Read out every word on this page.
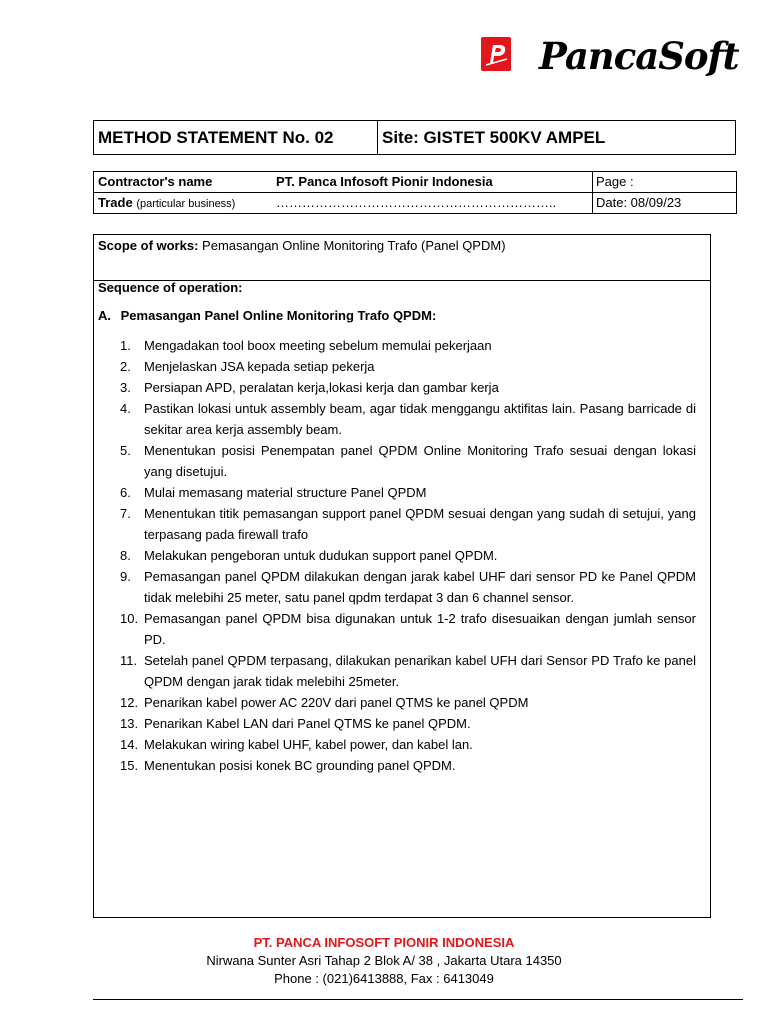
PancaSoft
METHOD STATEMENT No. 02	Site: GISTET 500KV AMPEL
Contractor's name	PT. Panca Infosoft Pionir Indonesia	Page :
Trade (particular business)	………………………………………………………..	Date: 08/09/23
Scope of works: Pemasangan Online Monitoring Trafo (Panel QPDM)
Sequence of operation:
A. Pemasangan Panel Online Monitoring Trafo QPDM:
1.	Mengadakan tool boox meeting sebelum memulai pekerjaan
2.	Menjelaskan JSA kepada setiap pekerja
3.	Persiapan APD, peralatan kerja,lokasi kerja dan gambar kerja
4.	Pastikan lokasi untuk assembly beam, agar tidak menggangu aktifitas lain. Pasang barricade di sekitar area kerja assembly beam.
5.	Menentukan posisi Penempatan panel QPDM Online Monitoring Trafo sesuai dengan lokasi yang disetujui.
6.	Mulai memasang material structure Panel QPDM
7.	Menentukan titik pemasangan support panel QPDM sesuai dengan yang sudah di setujui, yang terpasang pada firewall trafo
8.	Melakukan pengeboran untuk dudukan support panel QPDM.
9.	Pemasangan panel QPDM dilakukan dengan jarak kabel UHF dari sensor PD ke Panel QPDM tidak melebihi 25 meter, satu panel qpdm terdapat 3 dan 6 channel sensor.
10. Pemasangan panel QPDM bisa digunakan untuk 1-2 trafo disesuaikan dengan jumlah sensor PD.
11. Setelah panel QPDM terpasang, dilakukan penarikan kabel UFH dari Sensor PD Trafo ke panel QPDM dengan jarak tidak melebihi 25meter.
12. Penarikan kabel power AC 220V dari panel QTMS ke panel QPDM
13. Penarikan Kabel LAN dari Panel QTMS ke panel QPDM.
14. Melakukan wiring kabel UHF, kabel power, dan kabel lan.
15. Menentukan posisi konek BC grounding panel QPDM.
PT. PANCA INFOSOFT PIONIR INDONESIA
Nirwana Sunter Asri Tahap 2 Blok A/ 38 , Jakarta Utara 14350
Phone : (021)6413888, Fax : 6413049
